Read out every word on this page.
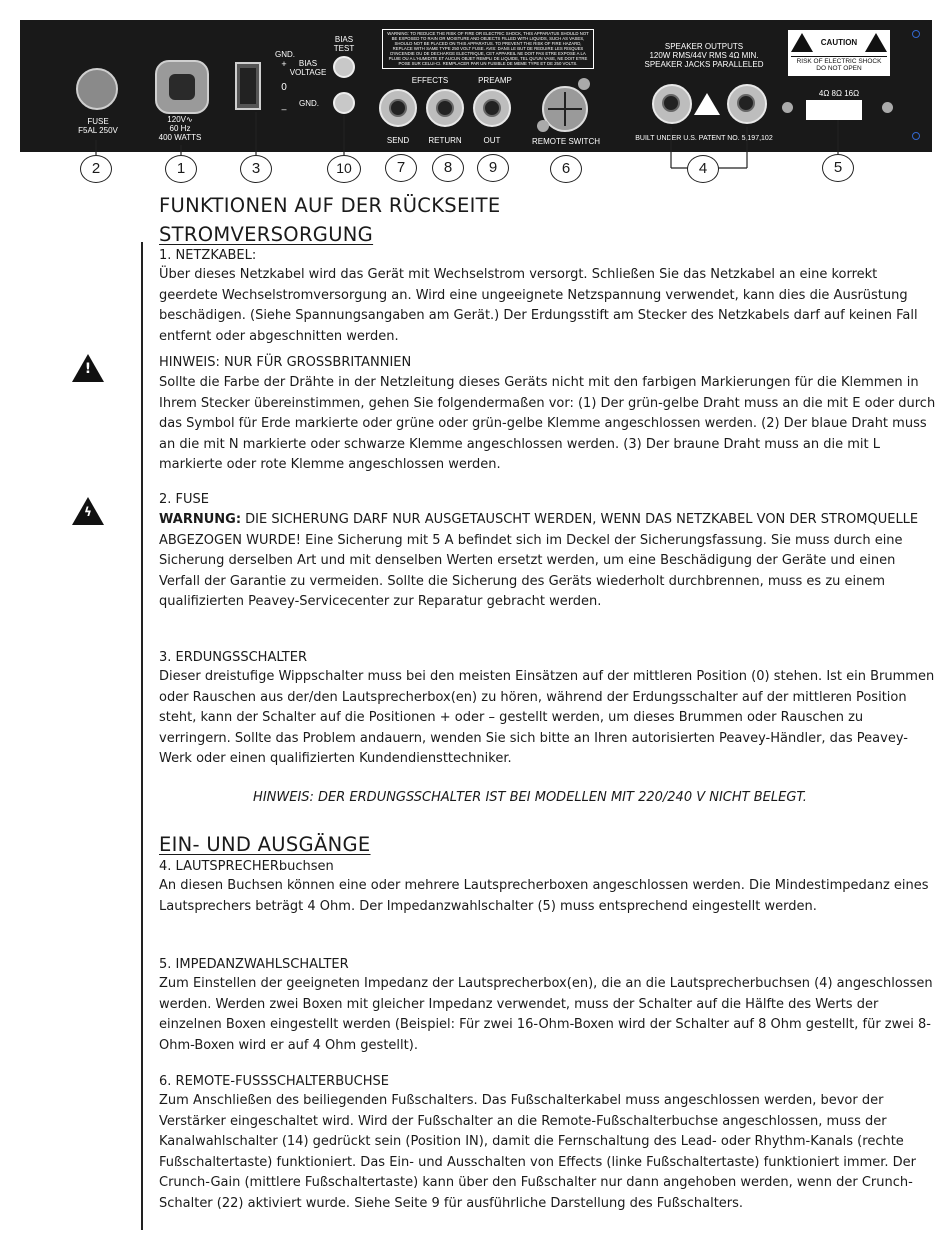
FUSE
F5AL 250V
120V∿
60 Hz
400 WATTS
GND.
+
0
–
BIAS
TEST
BIAS
VOLTAGE
GND.
WARNING: TO REDUCE THE RISK OF FIRE OR ELECTRIC SHOCK, THIS APPARATUS SHOULD NOT BE EXPOSED TO RAIN OR MOISTURE AND OBJECTS FILLED WITH LIQUIDS, SUCH AS VASES, SHOULD NOT BE PLACED ON THIS APPARATUS. TO PREVENT THE RISK OF FIRE HAZARD, REPLACE WITH SAME TYPE 250 VOLT FUSE. AVIS: DANS LE BUT DE REDUIRE LES RISQUES D'INCENDIE OU DE DECHARGE ELECTRIQUE, CET APPAREIL NE DOIT PAS ETRE EXPOSE A LA PLUIE OU A L'HUMIDITE ET AUCUN OBJET REMPLI DE LIQUIDE, TEL QU'UN VASE, NE DOIT ETRE POSE SUR CELUI-CI. REMPLACER PAR UN FUSIBLE DE MEME TYPE ET DE 250 VOLTS.
EFFECTS	PREAMP
SEND	RETURN	OUT	REMOTE SWITCH
SPEAKER OUTPUTS
120W RMS/44V RMS 4Ω MIN.
SPEAKER JACKS PARALLELED
BUILT UNDER U.S. PATENT NO. 5,197,102
CAUTION
RISK OF ELECTRIC SHOCK
DO NOT OPEN
4Ω 8Ω 16Ω
2	1	3	10	7	8	9	6	4	5
!
ϟ
FUNKTIONEN AUF DER RÜCKSEITE
STROMVERSORGUNG
1. NETZKABEL:

Über dieses Netzkabel wird das Gerät mit Wechselstrom versorgt. Schließen Sie das Netzkabel an eine korrekt geerdete Wechselstromversorgung an. Wird eine ungeeignete Netzspannung verwendet, kann dies die Ausrüstung beschädigen. (Siehe Spannungsangaben am Gerät.) Der Erdungsstift am Stecker des Netzkabels darf auf keinen Fall entfernt oder abgeschnitten werden.

HINWEIS: NUR FÜR GROSSBRITANNIEN

Sollte die Farbe der Drähte in der Netzleitung dieses Geräts nicht mit den farbigen Markierungen für die Klemmen in Ihrem Stecker übereinstimmen, gehen Sie folgendermaßen vor: (1) Der grün-gelbe Draht muss an die mit E oder durch das Symbol für Erde markierte oder grüne oder grün-gelbe Klemme angeschlossen werden. (2) Der blaue Draht muss an die mit N markierte oder schwarze Klemme angeschlossen werden. (3) Der braune Draht muss an die mit L markierte oder rote Klemme angeschlossen werden.

2. FUSE

WARNUNG: DIE SICHERUNG DARF NUR AUSGETAUSCHT WERDEN, WENN DAS NETZKABEL VON DER STROMQUELLE ABGEZOGEN WURDE! Eine Sicherung mit 5 A befindet sich im Deckel der Sicherungsfassung. Sie muss durch eine Sicherung derselben Art und mit denselben Werten ersetzt werden, um eine Beschädigung der Geräte und einen Verfall der Garantie zu vermeiden. Sollte die Sicherung des Geräts wiederholt durchbrennen, muss es zu einem qualifizierten Peavey-Servicecenter zur Reparatur gebracht werden.

3. ERDUNGSSCHALTER

Dieser dreistufige Wippschalter muss bei den meisten Einsätzen auf der mittleren Position (0) stehen. Ist ein Brummen oder Rauschen aus der/den Lautsprecherbox(en) zu hören, während der Erdungsschalter auf der mittleren Position steht, kann der Schalter auf die Positionen + oder – gestellt werden, um dieses Brummen oder Rauschen zu verringern. Sollte das Problem andauern, wenden Sie sich bitte an Ihren autorisierten Peavey-Händler, das Peavey-Werk oder einen qualifizierten Kundendiensttechniker.

HINWEIS: DER ERDUNGSSCHALTER IST BEI MODELLEN MIT 220/240 V NICHT BELEGT.

EIN- UND AUSGÄNGE
4. LAUTSPRECHERbuchsen

An diesen Buchsen können eine oder mehrere Lautsprecherboxen angeschlossen werden. Die Mindestimpedanz eines Lautsprechers beträgt 4 Ohm. Der Impedanzwahlschalter (5) muss entsprechend eingestellt werden.

5. IMPEDANZWAHLSCHALTER

Zum Einstellen der geeigneten Impedanz der Lautsprecherbox(en), die an die Lautsprecherbuchsen (4) angeschlossen werden. Werden zwei Boxen mit gleicher Impedanz verwendet, muss der Schalter auf die Hälfte des Werts der einzelnen Boxen eingestellt werden (Beispiel: Für zwei 16-Ohm-Boxen wird der Schalter auf 8 Ohm gestellt, für zwei 8-Ohm-Boxen wird er auf 4 Ohm gestellt).

6. REMOTE-FUSSSCHALTERBUCHSE

Zum Anschließen des beiliegenden Fußschalters. Das Fußschalterkabel muss angeschlossen werden, bevor der Verstärker eingeschaltet wird. Wird der Fußschalter an die Remote-Fußschalterbuchse angeschlossen, muss der Kanalwahlschalter (14) gedrückt sein (Position IN), damit die Fernschaltung des Lead- oder Rhythm-Kanals (rechte Fußschaltertaste) funktioniert. Das Ein- und Ausschalten von Effects (linke Fußschaltertaste) funktioniert immer. Der Crunch-Gain (mittlere Fußschaltertaste) kann über den Fußschalter nur dann angehoben werden, wenn der Crunch-Schalter (22) aktiviert wurde. Siehe Seite 9 für ausführliche Darstellung des Fußschalters.
